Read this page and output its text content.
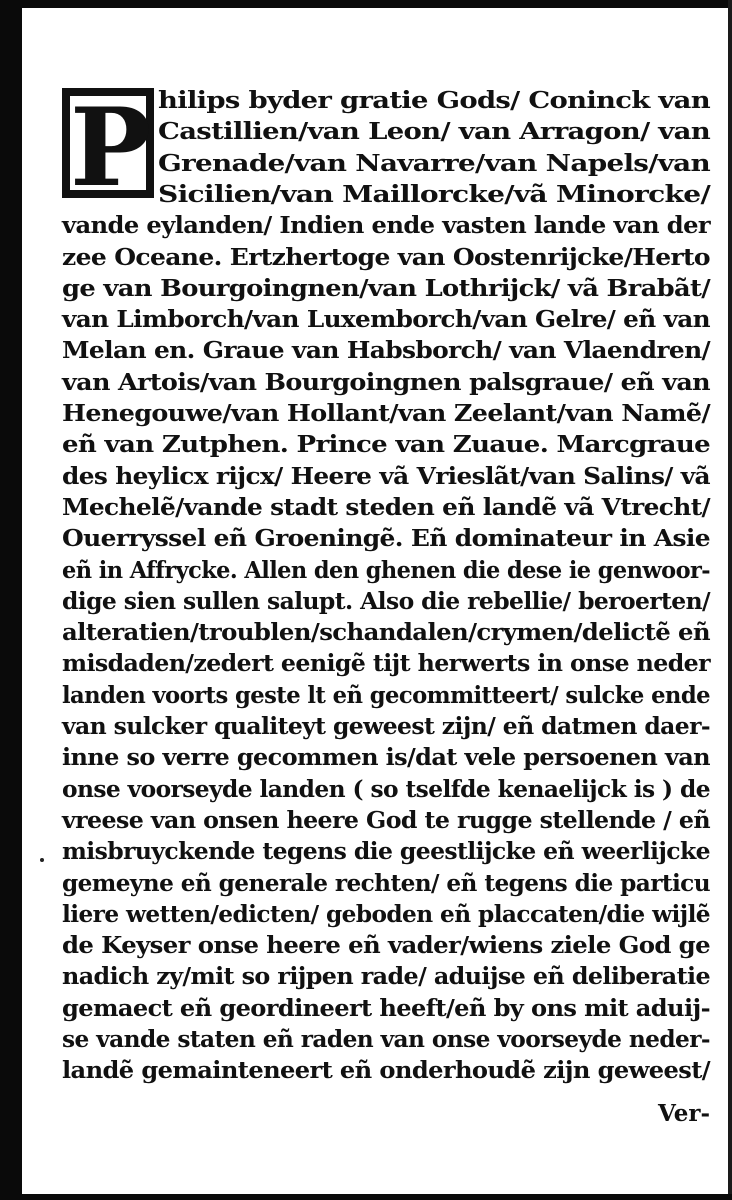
P hilips byder gratie Gods/ Coninck van
Castillien/van Leon/ van Arragon/ van
Grenade/van Navarre/van Napels/van
Sicilien/van Maillorcke/vã Minorcke/
vande eylanden/ Indien ende vasten lande van der
zee Oceane. Ertzhertoge van Oostenrijcke/Herto
ge van Bourgoingnen/van Lothrijck/ vã Brabãt/
van Limborch/van Luxemborch/van Gelre/ eñ van
Melan en. Graue van Habsborch/ van Vlaendren/
van Artois/van Bourgoingnen palsgraue/ eñ van
Henegouwe/van Hollant/van Zeelant/van Namẽ/
eñ van Zutphen. Prince van Zuaue. Marcgraue
des heylicx rijcx/ Heere vã Vrieslãt/van Salins/ vã
Mechelẽ/vande stadt steden eñ landẽ vã Vtrecht/
Ouerryssel eñ Groeningẽ. Eñ dominateur in Asie
eñ in Affrycke. Allen den ghenen die dese ie genwoor-
dige sien sullen salupt. Also die rebellie/ beroerten/
alteratien/troublen/schandalen/crymen/delictẽ eñ
misdaden/zedert eenigẽ tijt herwerts in onse neder
landen voorts geste lt eñ gecommitteert/ sulcke ende
van sulcker qualiteyt geweest zijn/ eñ datmen daer-
inne so verre gecommen is/dat vele persoenen van
onse voorseyde landen ( so tselfde kenaelijck is ) de
vreese van onsen heere God te rugge stellende / eñ
misbruyckende tegens die geestlijcke eñ weerlijcke
gemeyne eñ generale rechten/ eñ tegens die particu
liere wetten/edicten/ geboden eñ placcaten/die wijlẽ
de Keyser onse heere eñ vader/wiens ziele God ge
nadich zy/mit so rijpen rade/ aduijse eñ deliberatie
gemaect eñ geordineert heeft/eñ by ons mit aduij-
se vande staten eñ raden van onse voorseyde neder-
landẽ gemainteneert eñ onderhoudẽ zijn geweest/
Ver-
